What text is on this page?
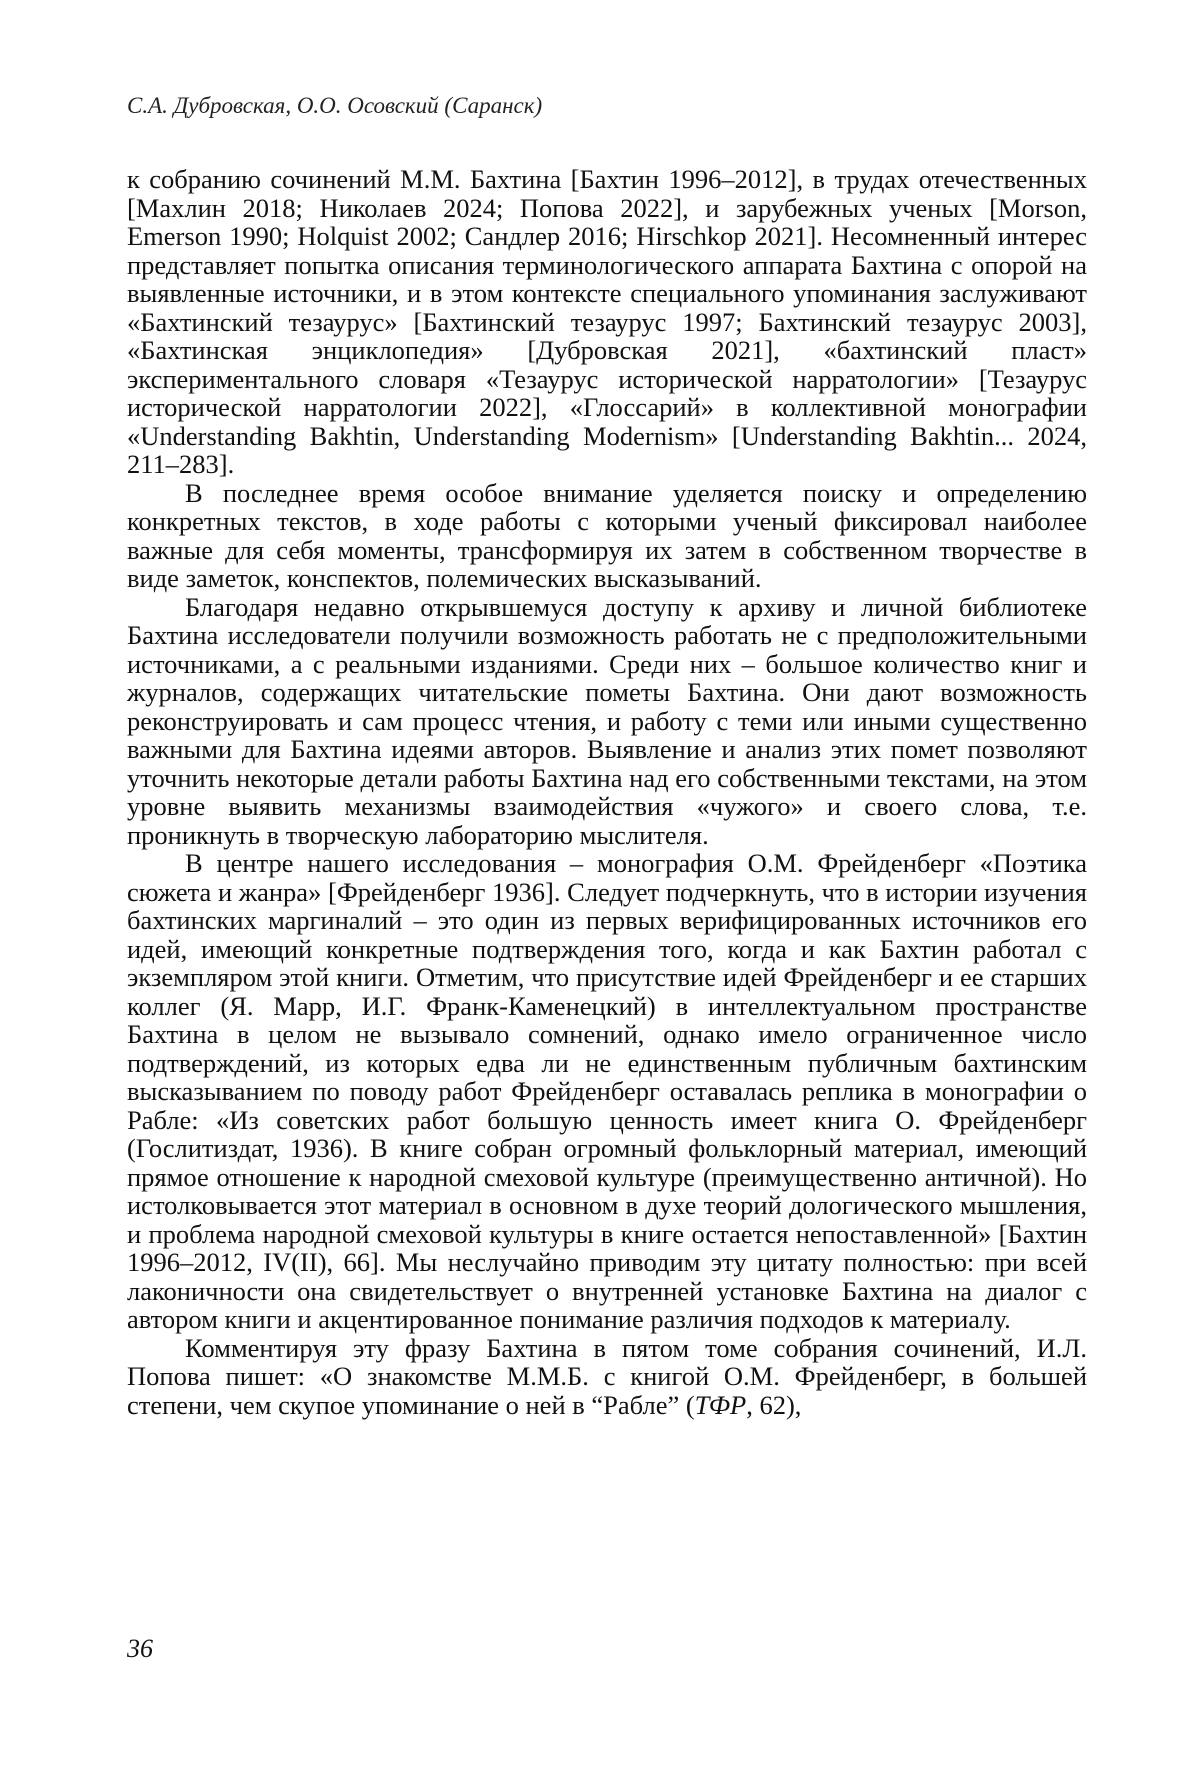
С.А. Дубровская, О.О. Осовский (Саранск)

к собранию сочинений М.М. Бахтина [Бахтин 1996–2012], в трудах отечественных [Махлин 2018; Николаев 2024; Попова 2022], и зарубежных ученых [Morson, Emerson 1990; Holquist 2002; Сандлер 2016; Hirschkop 2021]. Несомненный интерес представляет попытка описания терминологического аппарата Бахтина с опорой на выявленные источники, и в этом контексте специального упоминания заслуживают «Бахтинский тезаурус» [Бахтинский тезаурус 1997; Бахтинский тезаурус 2003], «Бахтинская энциклопедия» [Дубровская 2021], «бахтинский пласт» экспериментального словаря «Тезаурус исторической нарратологии» [Тезаурус исторической нарратологии 2022], «Глоссарий» в коллективной монографии «Understanding Bakhtin, Understanding Modernism» [Understanding Bakhtin... 2024, 211–283].

В последнее время особое внимание уделяется поиску и определению конкретных текстов, в ходе работы с которыми ученый фиксировал наиболее важные для себя моменты, трансформируя их затем в собственном творчестве в виде заметок, конспектов, полемических высказываний.

Благодаря недавно открывшемуся доступу к архиву и личной библиотеке Бахтина исследователи получили возможность работать не с предположительными источниками, а с реальными изданиями. Среди них – большое количество книг и журналов, содержащих читательские пометы Бахтина. Они дают возможность реконструировать и сам процесс чтения, и работу с теми или иными существенно важными для Бахтина идеями авторов. Выявление и анализ этих помет позволяют уточнить некоторые детали работы Бахтина над его собственными текстами, на этом уровне выявить механизмы взаимодействия «чужого» и своего слова, т.е. проникнуть в творческую лабораторию мыслителя.

В центре нашего исследования – монография О.М. Фрейденберг «Поэтика сюжета и жанра» [Фрейденберг 1936]. Следует подчеркнуть, что в истории изучения бахтинских маргиналий – это один из первых верифицированных источников его идей, имеющий конкретные подтверждения того, когда и как Бахтин работал с экземпляром этой книги. Отметим, что присутствие идей Фрейденберг и ее старших коллег (Я. Марр, И.Г. Франк-Каменецкий) в интеллектуальном пространстве Бахтина в целом не вызывало сомнений, однако имело ограниченное число подтверждений, из которых едва ли не единственным публичным бахтинским высказыванием по поводу работ Фрейденберг оставалась реплика в монографии о Рабле: «Из советских работ большую ценность имеет книга О. Фрейденберг (Гослитиздат, 1936). В книге собран огромный фольклорный материал, имеющий прямое отношение к народной смеховой культуре (преимущественно античной). Но истолковывается этот материал в основном в духе теорий дологического мышления, и проблема народной смеховой культуры в книге остается непоставленной» [Бахтин 1996–2012, IV(II), 66]. Мы неслучайно приводим эту цитату полностью: при всей лаконичности она свидетельствует о внутренней установке Бахтина на диалог с автором книги и акцентированное понимание различия подходов к материалу.

Комментируя эту фразу Бахтина в пятом томе собрания сочинений, И.Л. Попова пишет: «О знакомстве М.М.Б. с книгой О.М. Фрейденберг, в большей степени, чем скупое упоминание о ней в “Рабле” (ТФР, 62),

36
